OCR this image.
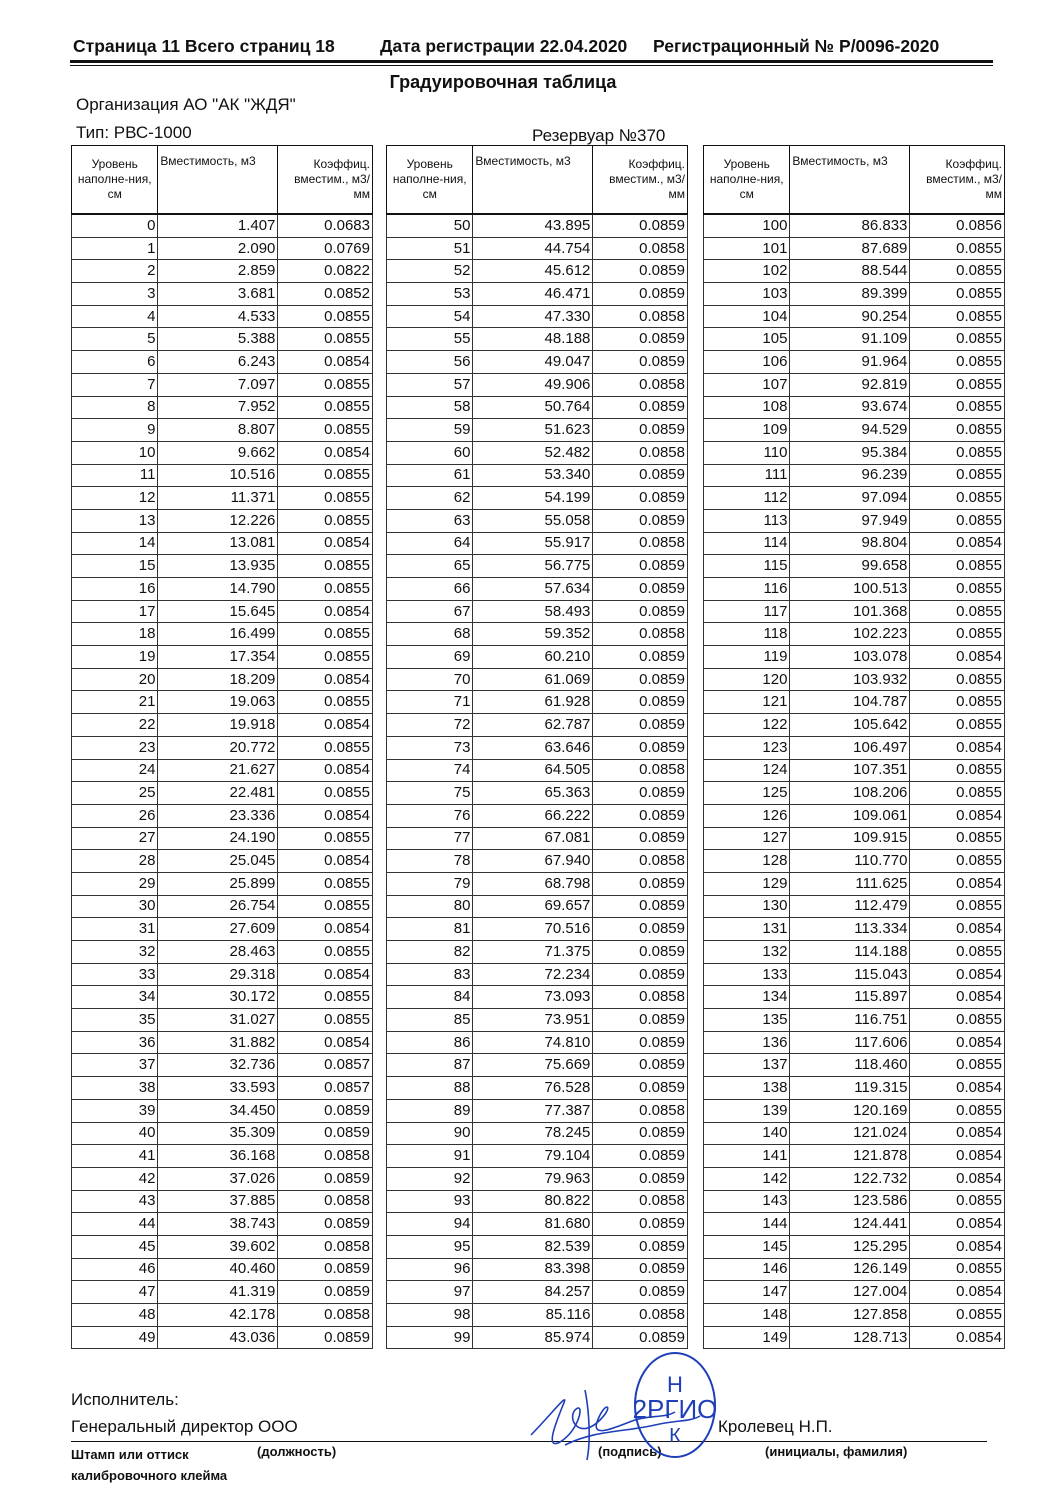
Страница 11 Всего страниц 18	Дата регистрации 22.04.2020 Регистрационный № Р/0096-2020
Градуировочная таблица
Организация АО "АК "ЖДЯ"
Тип: РВС-1000	Резервуар №370
Уровень наполне-ния, см	Вместимость, м3	Коэффиц. вместим., м3/мм
0	1.407	0.0683
1	2.090	0.0769
2	2.859	0.0822
3	3.681	0.0852
4	4.533	0.0855
5	5.388	0.0855
6	6.243	0.0854
7	7.097	0.0855
8	7.952	0.0855
9	8.807	0.0855
10	9.662	0.0854
11	10.516	0.0855
12	11.371	0.0855
13	12.226	0.0855
14	13.081	0.0854
15	13.935	0.0855
16	14.790	0.0855
17	15.645	0.0854
18	16.499	0.0855
19	17.354	0.0855
20	18.209	0.0854
21	19.063	0.0855
22	19.918	0.0854
23	20.772	0.0855
24	21.627	0.0854
25	22.481	0.0855
26	23.336	0.0854
27	24.190	0.0855
28	25.045	0.0854
29	25.899	0.0855
30	26.754	0.0855
31	27.609	0.0854
32	28.463	0.0855
33	29.318	0.0854
34	30.172	0.0855
35	31.027	0.0855
36	31.882	0.0854
37	32.736	0.0857
38	33.593	0.0857
39	34.450	0.0859
40	35.309	0.0859
41	36.168	0.0858
42	37.026	0.0859
43	37.885	0.0858
44	38.743	0.0859
45	39.602	0.0858
46	40.460	0.0859
47	41.319	0.0859
48	42.178	0.0858
49	43.036	0.0859
Уровень наполне-ния, см	Вместимость, м3	Коэффиц. вместим., м3/мм
50	43.895	0.0859
51	44.754	0.0858
52	45.612	0.0859
53	46.471	0.0859
54	47.330	0.0858
55	48.188	0.0859
56	49.047	0.0859
57	49.906	0.0858
58	50.764	0.0859
59	51.623	0.0859
60	52.482	0.0858
61	53.340	0.0859
62	54.199	0.0859
63	55.058	0.0859
64	55.917	0.0858
65	56.775	0.0859
66	57.634	0.0859
67	58.493	0.0859
68	59.352	0.0858
69	60.210	0.0859
70	61.069	0.0859
71	61.928	0.0859
72	62.787	0.0859
73	63.646	0.0859
74	64.505	0.0858
75	65.363	0.0859
76	66.222	0.0859
77	67.081	0.0859
78	67.940	0.0858
79	68.798	0.0859
80	69.657	0.0859
81	70.516	0.0859
82	71.375	0.0859
83	72.234	0.0859
84	73.093	0.0858
85	73.951	0.0859
86	74.810	0.0859
87	75.669	0.0859
88	76.528	0.0859
89	77.387	0.0858
90	78.245	0.0859
91	79.104	0.0859
92	79.963	0.0859
93	80.822	0.0858
94	81.680	0.0859
95	82.539	0.0859
96	83.398	0.0859
97	84.257	0.0859
98	85.116	0.0858
99	85.974	0.0859
Уровень наполне-ния, см	Вместимость, м3	Коэффиц. вместим., м3/мм
100	86.833	0.0856
101	87.689	0.0855
102	88.544	0.0855
103	89.399	0.0855
104	90.254	0.0855
105	91.109	0.0855
106	91.964	0.0855
107	92.819	0.0855
108	93.674	0.0855
109	94.529	0.0855
110	95.384	0.0855
111	96.239	0.0855
112	97.094	0.0855
113	97.949	0.0855
114	98.804	0.0854
115	99.658	0.0855
116	100.513	0.0855
117	101.368	0.0855
118	102.223	0.0855
119	103.078	0.0854
120	103.932	0.0855
121	104.787	0.0855
122	105.642	0.0855
123	106.497	0.0854
124	107.351	0.0855
125	108.206	0.0855
126	109.061	0.0854
127	109.915	0.0855
128	110.770	0.0855
129	111.625	0.0854
130	112.479	0.0855
131	113.334	0.0854
132	114.188	0.0855
133	115.043	0.0854
134	115.897	0.0854
135	116.751	0.0855
136	117.606	0.0854
137	118.460	0.0855
138	119.315	0.0854
139	120.169	0.0855
140	121.024	0.0854
141	121.878	0.0854
142	122.732	0.0854
143	123.586	0.0855
144	124.441	0.0854
145	125.295	0.0854
146	126.149	0.0855
147	127.004	0.0854
148	127.858	0.0855
149	128.713	0.0854
Исполнитель:
Генеральный директор ООО	Кролевец Н.П.
Штамп или оттиск
калибровочного клейма
(должность)	(подпись)	(инициалы, фамилия)
Н
2РГИО
К
